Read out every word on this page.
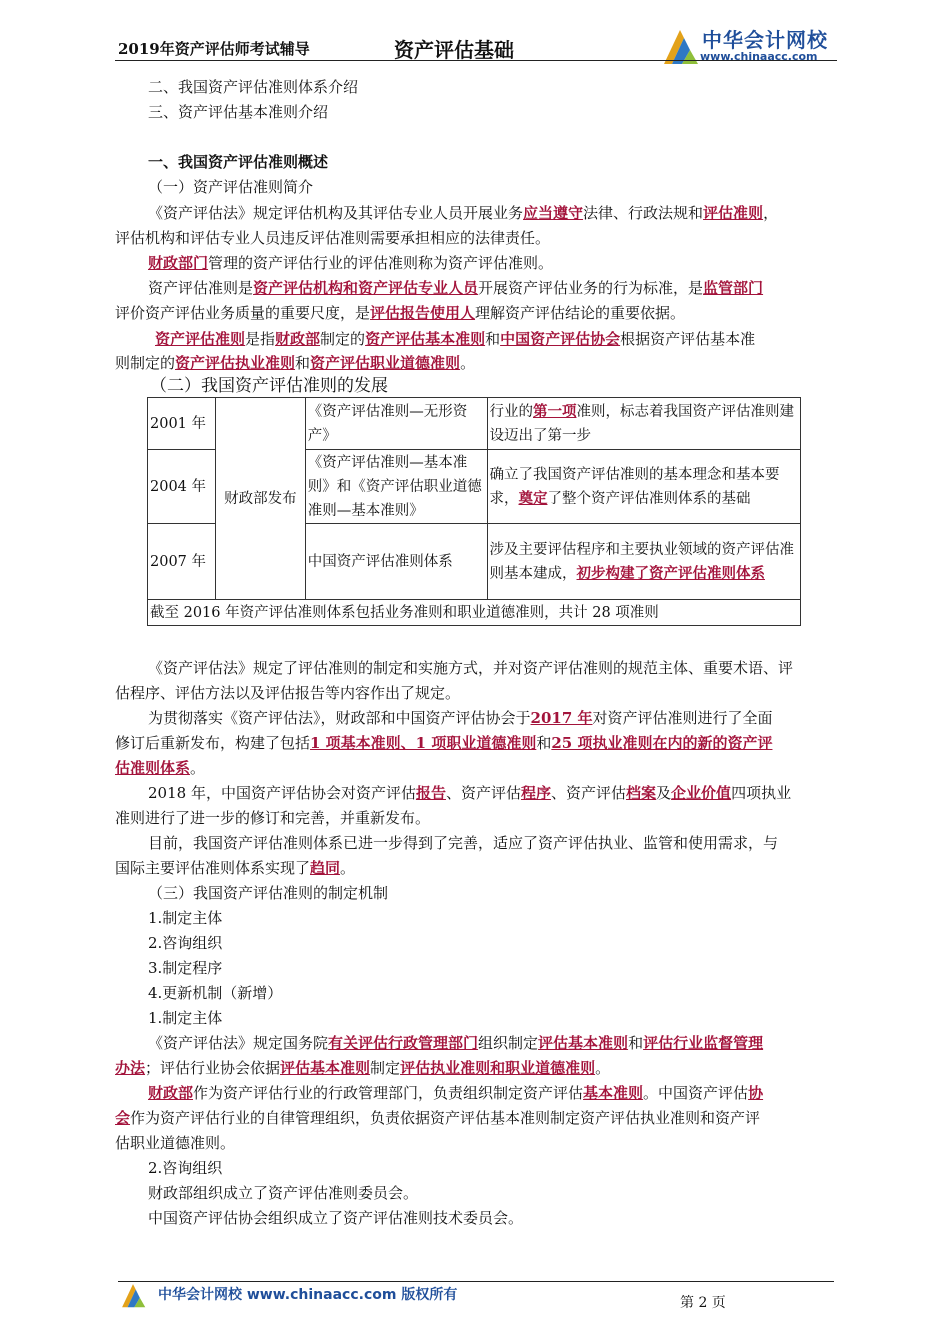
2019年资产评估师考试辅导	资产评估基础	中华会计网校
www.chinaacc.com
二、我国资产评估准则体系介绍
三、资产评估基本准则介绍
一、我国资产评估准则概述
（一）资产评估准则简介
《资产评估法》规定评估机构及其评估专业人员开展业务应当遵守法律、行政法规和评估准则，
评估机构和评估专业人员违反评估准则需要承担相应的法律责任。
财政部门管理的资产评估行业的评估准则称为资产评估准则。
资产评估准则是资产评估机构和资产评估专业人员开展资产评估业务的行为标准，是监管部门
评价资产评估业务质量的重要尺度，是评估报告使用人理解资产评估结论的重要依据。
资产评估准则是指财政部制定的资产评估基本准则和中国资产评估协会根据资产评估基本准
则制定的资产评估执业准则和资产评估职业道德准则。
（二）我国资产评估准则的发展
2001 年	财政部发布	《资产评估准则—无形资产》	行业的第一项准则，标志着我国资产评估准则建设迈出了第一步
2004 年		《资产评估准则—基本准则》和《资产评估职业道德准则—基本准则》	确立了我国资产评估准则的基本理念和基本要求，奠定了整个资产评估准则体系的基础
2007 年		中国资产评估准则体系	涉及主要评估程序和主要执业领域的资产评估准则基本建成，初步构建了资产评估准则体系
截至 2016 年资产评估准则体系包括业务准则和职业道德准则，共计 28 项准则			
《资产评估法》规定了评估准则的制定和实施方式，并对资产评估准则的规范主体、重要术语、评
估程序、评估方法以及评估报告等内容作出了规定。
为贯彻落实《资产评估法》，财政部和中国资产评估协会于2017 年对资产评估准则进行了全面
修订后重新发布，构建了包括1 项基本准则、1 项职业道德准则和25 项执业准则在内的新的资产评
估准则体系。
2018 年，中国资产评估协会对资产评估报告、资产评估程序、资产评估档案及企业价值四项执业
准则进行了进一步的修订和完善，并重新发布。
目前，我国资产评估准则体系已进一步得到了完善，适应了资产评估执业、监管和使用需求，与
国际主要评估准则体系实现了趋同。
（三）我国资产评估准则的制定机制
1.制定主体
2.咨询组织
3.制定程序
4.更新机制（新增）
1.制定主体
《资产评估法》规定国务院有关评估行政管理部门组织制定评估基本准则和评估行业监督管理
办法；评估行业协会依据评估基本准则制定评估执业准则和职业道德准则。
财政部作为资产评估行业的行政管理部门，负责组织制定资产评估基本准则。中国资产评估协
会作为资产评估行业的自律管理组织，负责依据资产评估基本准则制定资产评估执业准则和资产评
估职业道德准则。
2.咨询组织
财政部组织成立了资产评估准则委员会。
中国资产评估协会组织成立了资产评估准则技术委员会。
中华会计网校 www.chinaacc.com 版权所有	第 2 页
